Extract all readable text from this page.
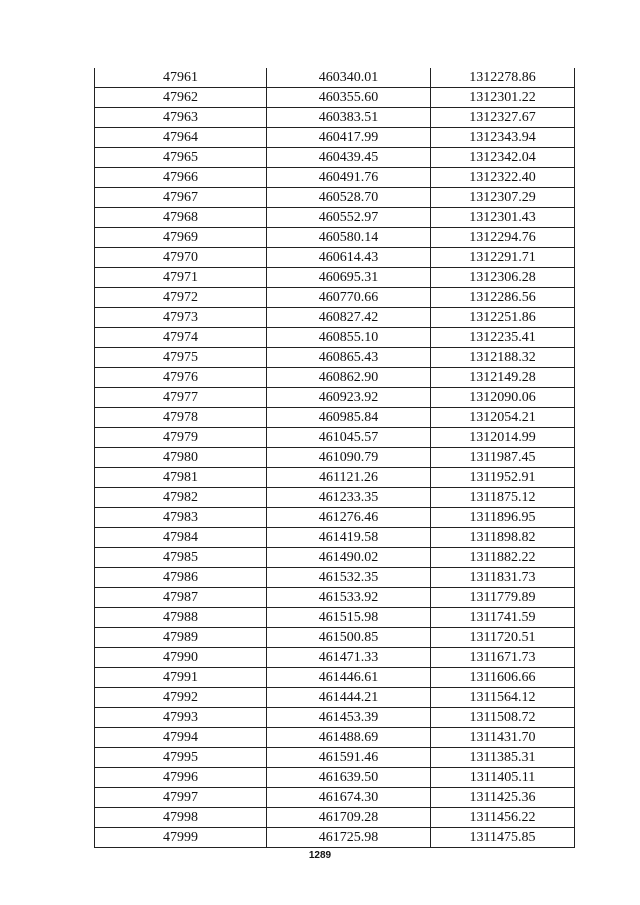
47961	460340.01	1312278.86
47962	460355.60	1312301.22
47963	460383.51	1312327.67
47964	460417.99	1312343.94
47965	460439.45	1312342.04
47966	460491.76	1312322.40
47967	460528.70	1312307.29
47968	460552.97	1312301.43
47969	460580.14	1312294.76
47970	460614.43	1312291.71
47971	460695.31	1312306.28
47972	460770.66	1312286.56
47973	460827.42	1312251.86
47974	460855.10	1312235.41
47975	460865.43	1312188.32
47976	460862.90	1312149.28
47977	460923.92	1312090.06
47978	460985.84	1312054.21
47979	461045.57	1312014.99
47980	461090.79	1311987.45
47981	461121.26	1311952.91
47982	461233.35	1311875.12
47983	461276.46	1311896.95
47984	461419.58	1311898.82
47985	461490.02	1311882.22
47986	461532.35	1311831.73
47987	461533.92	1311779.89
47988	461515.98	1311741.59
47989	461500.85	1311720.51
47990	461471.33	1311671.73
47991	461446.61	1311606.66
47992	461444.21	1311564.12
47993	461453.39	1311508.72
47994	461488.69	1311431.70
47995	461591.46	1311385.31
47996	461639.50	1311405.11
47997	461674.30	1311425.36
47998	461709.28	1311456.22
47999	461725.98	1311475.85
1289
